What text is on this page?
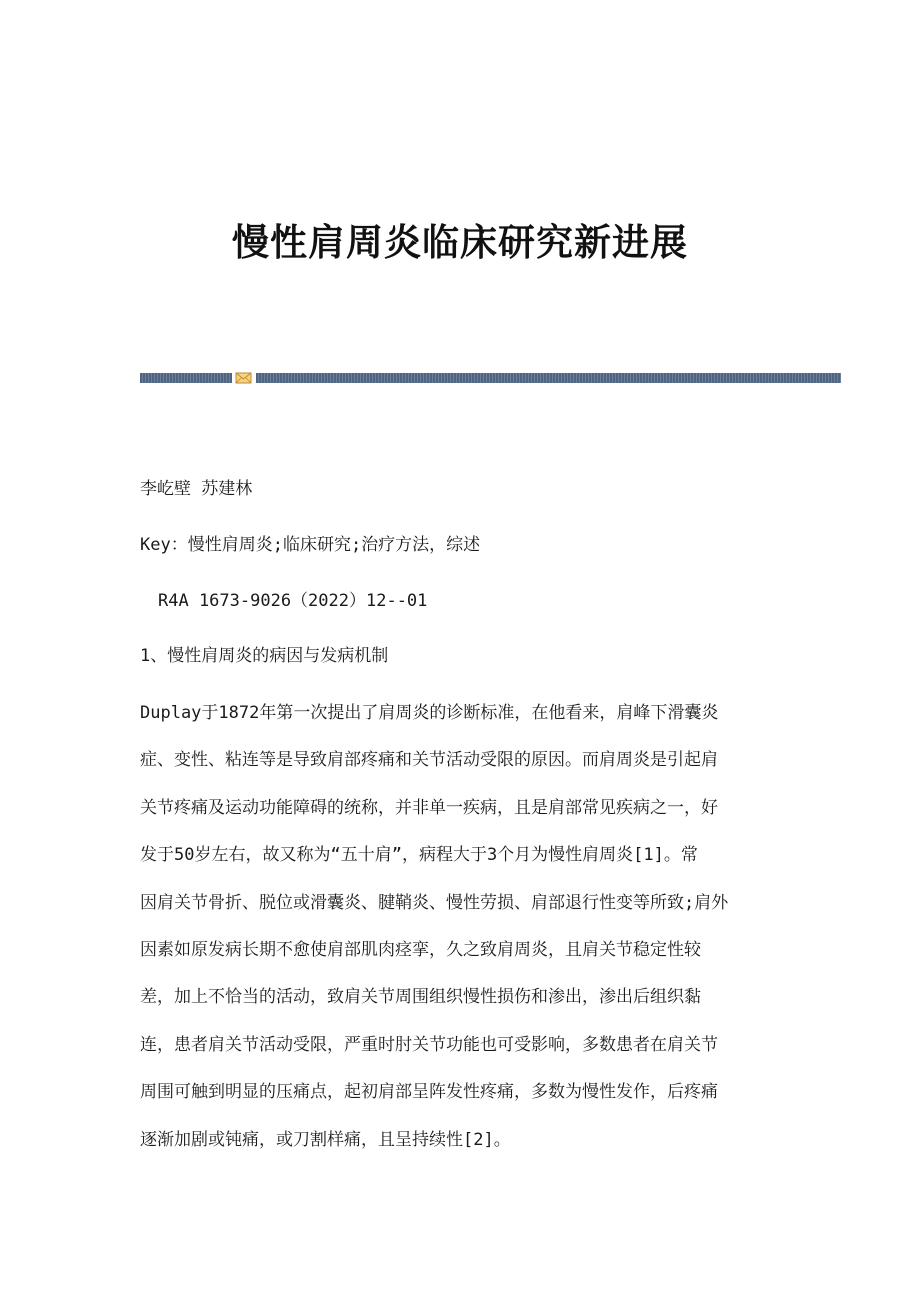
慢性肩周炎临床研究新进展
李屹壁 苏建林
Key：慢性肩周炎;临床研究;治疗方法，综述
R4A 1673-9026（2022）12--01
1、慢性肩周炎的病因与发病机制
Duplay于1872年第一次提出了肩周炎的诊断标准，在他看来，肩峰下滑囊炎
症、变性、粘连等是导致肩部疼痛和关节活动受限的原因。而肩周炎是引起肩
关节疼痛及运动功能障碍的统称，并非单一疾病，且是肩部常见疾病之一，好
发于50岁左右，故又称为“五十肩”，病程大于3个月为慢性肩周炎[1]。常
因肩关节骨折、脱位或滑囊炎、腱鞘炎、慢性劳损、肩部退行性变等所致;肩外
因素如原发病长期不愈使肩部肌肉痉挛，久之致肩周炎，且肩关节稳定性较
差，加上不恰当的活动，致肩关节周围组织慢性损伤和渗出，渗出后组织黏
连，患者肩关节活动受限，严重时肘关节功能也可受影响，多数患者在肩关节
周围可触到明显的压痛点，起初肩部呈阵发性疼痛，多数为慢性发作，后疼痛
逐渐加剧或钝痛，或刀割样痛，且呈持续性[2]。
